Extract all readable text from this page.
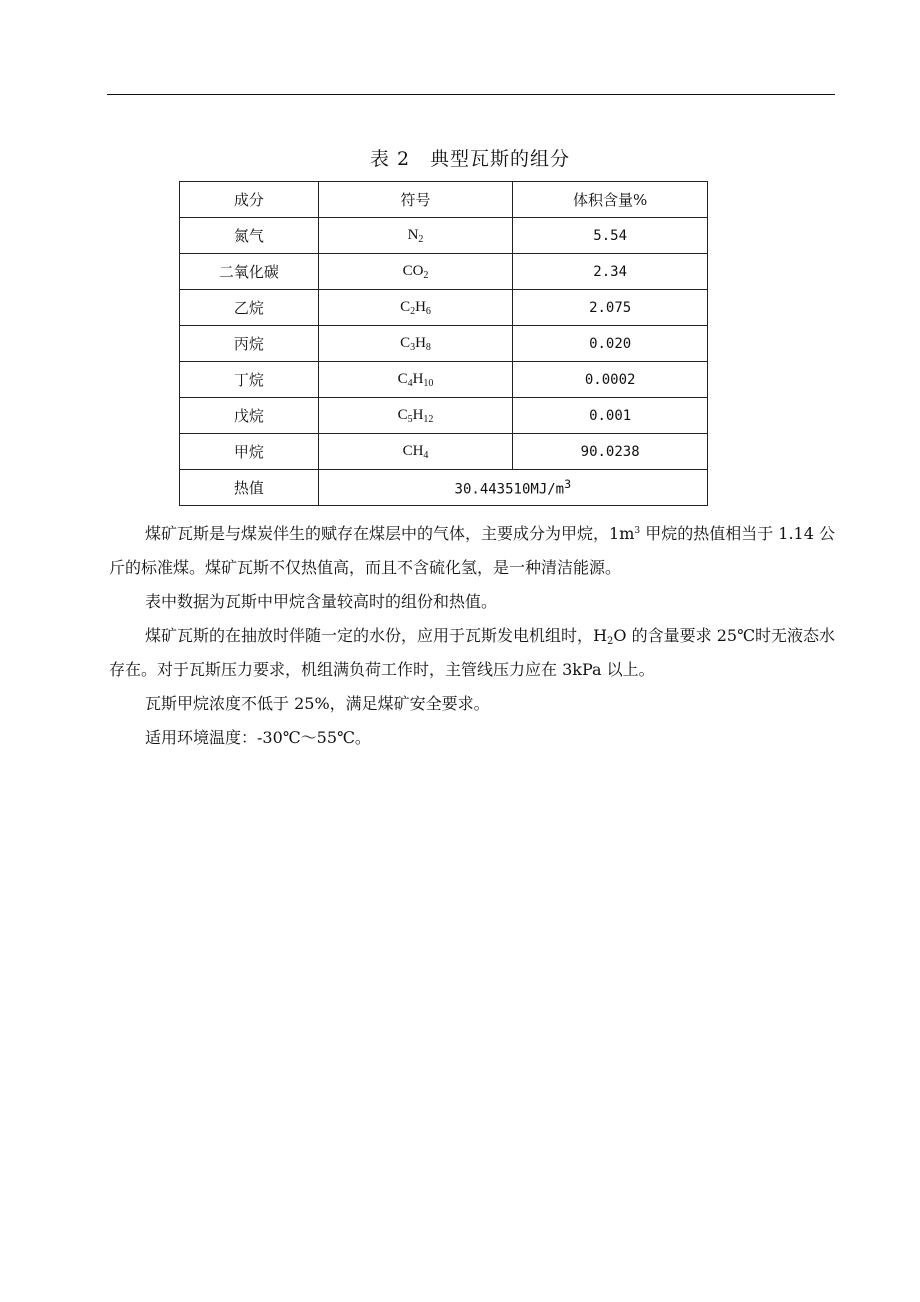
表 2　典型瓦斯的组分
成分	符号	体积含量%
氮气	$N_2$	5.54
二氧化碳	$CO_2$	2.34
乙烷	$C_2H_6$	2.075
丙烷	$C_3H_8$	0.020
丁烷	$C_4H_{10}$	0.0002
戊烷	$C_5H_{12}$	0.001
甲烷	$CH_4$	90.0238
热值	$30.443510MJ/m^3$

煤矿瓦斯是与煤炭伴生的赋存在煤层中的气体，主要成分为甲烷，$1m^3$ 甲烷的热值相当于 1.14 公斤的标准煤。煤矿瓦斯不仅热值高，而且不含硫化氢，是一种清洁能源。

表中数据为瓦斯中甲烷含量较高时的组份和热值。

煤矿瓦斯的在抽放时伴随一定的水份，应用于瓦斯发电机组时，$H_2O$ 的含量要求 25℃时无液态水存在。对于瓦斯压力要求，机组满负荷工作时，主管线压力应在 3kPa 以上。

瓦斯甲烷浓度不低于 25%，满足煤矿安全要求。

适用环境温度：-30℃～55℃。
